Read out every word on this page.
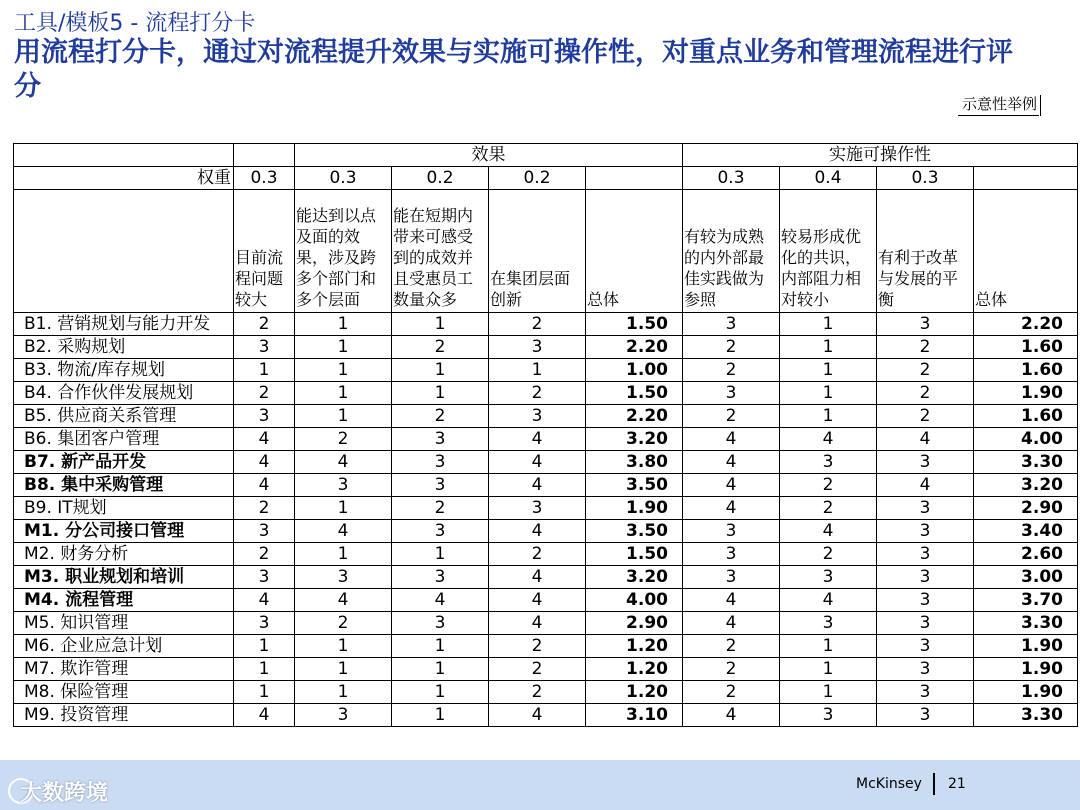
工具/模板5 - 流程打分卡
用流程打分卡，通过对流程提升效果与实施可操作性，对重点业务和管理流程进行评分
示意性举例
		效果				实施可操作性			
权重	0.3	0.3	0.2	0.2		0.3	0.4	0.3	
	目前流程问题较大	能达到以点及面的效果，涉及跨多个部门和多个层面	能在短期内带来可感受到的成效并且受惠员工数量众多	在集团层面创新	总体	有较为成熟的内外部最佳实践做为参照	较易形成优化的共识，内部阻力相对较小	有利于改革与发展的平衡	总体
B1. 营销规划与能力开发	2	1	1	2	1.50	3	1	3	2.20
B2. 采购规划	3	1	2	3	2.20	2	1	2	1.60
B3. 物流/库存规划	1	1	1	1	1.00	2	1	2	1.60
B4. 合作伙伴发展规划	2	1	1	2	1.50	3	1	2	1.90
B5. 供应商关系管理	3	1	2	3	2.20	2	1	2	1.60
B6. 集团客户管理	4	2	3	4	3.20	4	4	4	4.00
B7. 新产品开发	4	4	3	4	3.80	4	3	3	3.30
B8. 集中采购管理	4	3	3	4	3.50	4	2	4	3.20
B9. IT规划	2	1	2	3	1.90	4	2	3	2.90
M1. 分公司接口管理	3	4	3	4	3.50	3	4	3	3.40
M2. 财务分析	2	1	1	2	1.50	3	2	3	2.60
M3. 职业规划和培训	3	3	3	4	3.20	3	3	3	3.00
M4. 流程管理	4	4	4	4	4.00	4	4	3	3.70
M5. 知识管理	3	2	3	4	2.90	4	3	3	3.30
M6. 企业应急计划	1	1	1	2	1.20	2	1	3	1.90
M7. 欺诈管理	1	1	1	2	1.20	2	1	3	1.90
M8. 保险管理	1	1	1	2	1.20	2	1	3	1.90
M9. 投资管理	4	3	1	4	3.10	4	3	3	3.30
大数跨境	McKinsey 21
